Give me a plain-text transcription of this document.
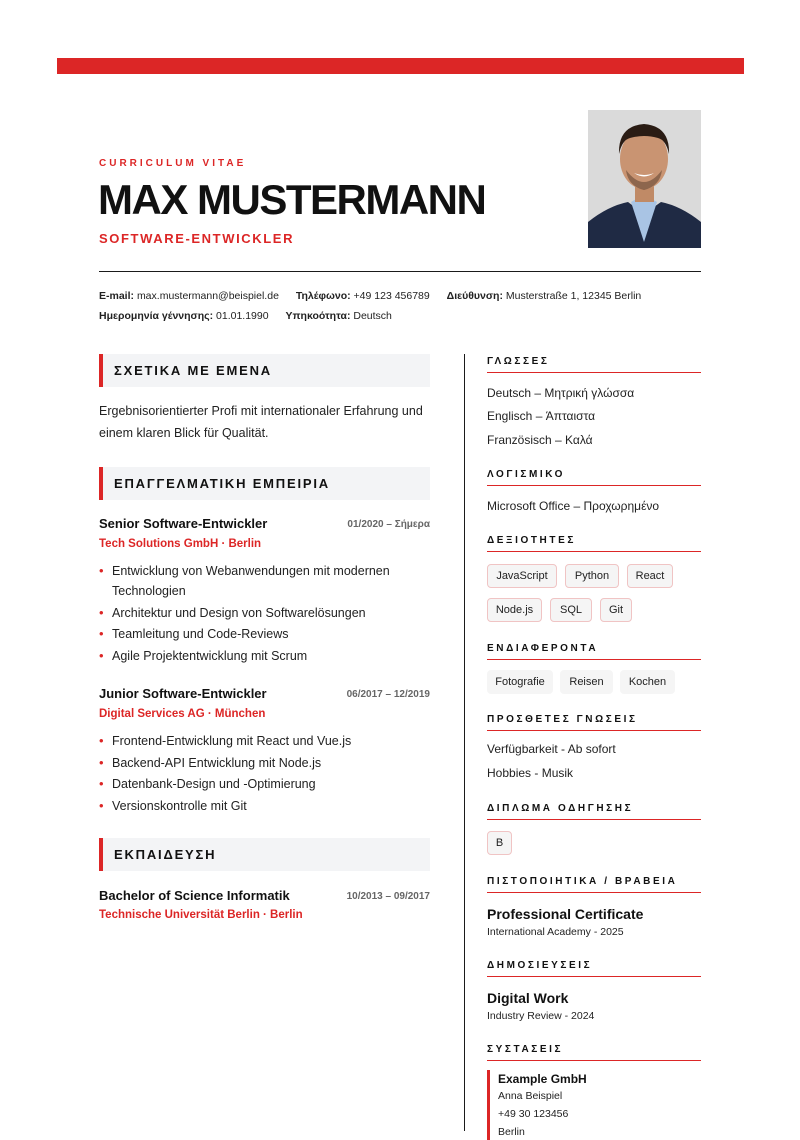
CURRICULUM VITAE
MAX MUSTERMANN
SOFTWARE-ENTWICKLER
E-mail: max.mustermann@beispiel.de Τηλέφωνο: +49 123 456789 Διεύθυνση: Musterstraße 1, 12345 Berlin
Ημερομηνία γέννησης: 01.01.1990 Υπηκοότητα: Deutsch
ΣΧΕΤΙΚΑ ΜΕ ΕΜΕΝΑ
Ergebnisorientierter Profi mit internationaler Erfahrung und einem klaren Blick für Qualität.
ΕΠΑΓΓΕΛΜΑΤΙΚΗ ΕΜΠΕΙΡΙΑ
Senior Software-Entwickler	01/2020 – Σήμερα
Tech Solutions GmbH · Berlin
• Entwicklung von Webanwendungen mit modernen Technologien
• Architektur und Design von Softwarelösungen
• Teamleitung und Code-Reviews
• Agile Projektentwicklung mit Scrum
Junior Software-Entwickler	06/2017 – 12/2019
Digital Services AG · München
• Frontend-Entwicklung mit React und Vue.js
• Backend-API Entwicklung mit Node.js
• Datenbank-Design und -Optimierung
• Versionskontrolle mit Git
ΕΚΠΑΙΔΕΥΣΗ
Bachelor of Science Informatik	10/2013 – 09/2017
Technische Universität Berlin · Berlin
ΓΛΩΣΣΕΣ
Deutsch – Μητρική γλώσσα
Englisch – Άπταιστα
Französisch – Καλά
ΛΟΓΙΣΜΙΚΟ
Microsoft Office – Προχωρημένο
ΔΕΞΙΟΤΗΤΕΣ
JavaScript	Python	React
Node.js	SQL	Git
ΕΝΔΙΑΦΕΡΟΝΤΑ
Fotografie	Reisen	Kochen
ΠΡΟΣΘΕΤΕΣ ΓΝΩΣΕΙΣ
Verfügbarkeit - Ab sofort
Hobbies - Musik
ΔΙΠΛΩΜΑ ΟΔΗΓΗΣΗΣ
B
ΠΙΣΤΟΠΟΙΗΤΙΚΑ / ΒΡΑΒΕΙΑ
Professional Certificate
International Academy - 2025
ΔΗΜΟΣΙΕΥΣΕΙΣ
Digital Work
Industry Review - 2024
ΣΥΣΤΑΣΕΙΣ
Example GmbH
Anna Beispiel
+49 30 123456
Berlin
